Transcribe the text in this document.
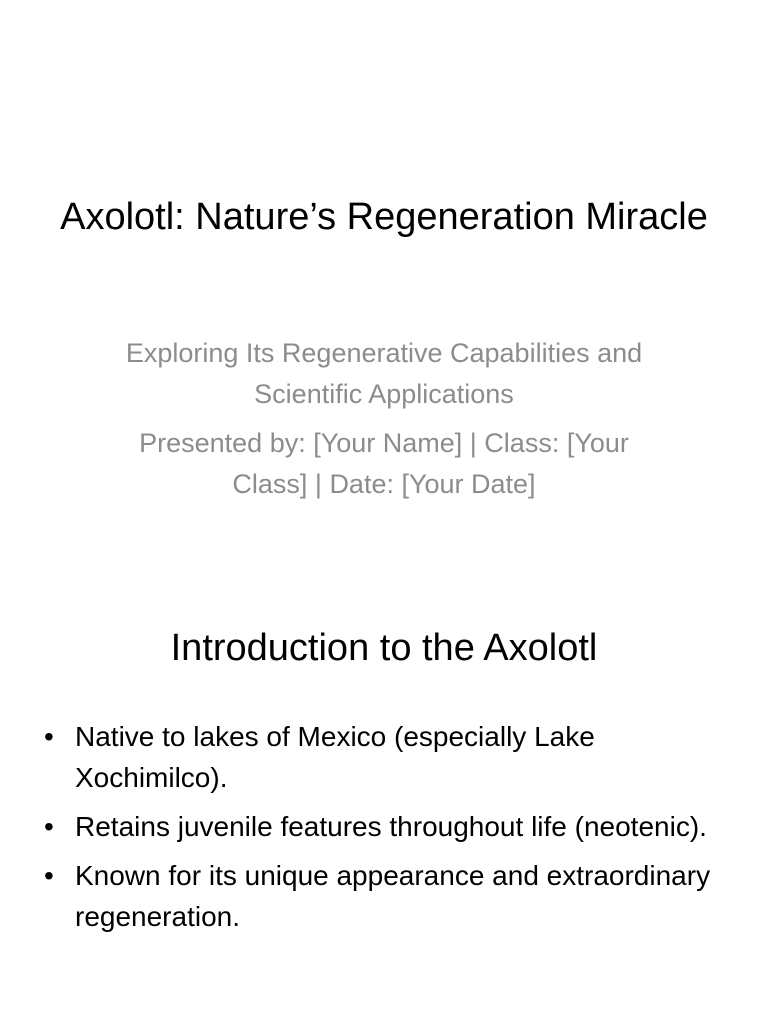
Axolotl: Nature’s Regeneration Miracle

Exploring Its Regenerative Capabilities and Scientific Applications

Presented by: [Your Name] | Class: [Your Class] | Date: [Your Date]

Introduction to the Axolotl
• Native to lakes of Mexico (especially Lake Xochimilco).
• Retains juvenile features throughout life (neotenic).
• Known for its unique appearance and extraordinary regeneration.
